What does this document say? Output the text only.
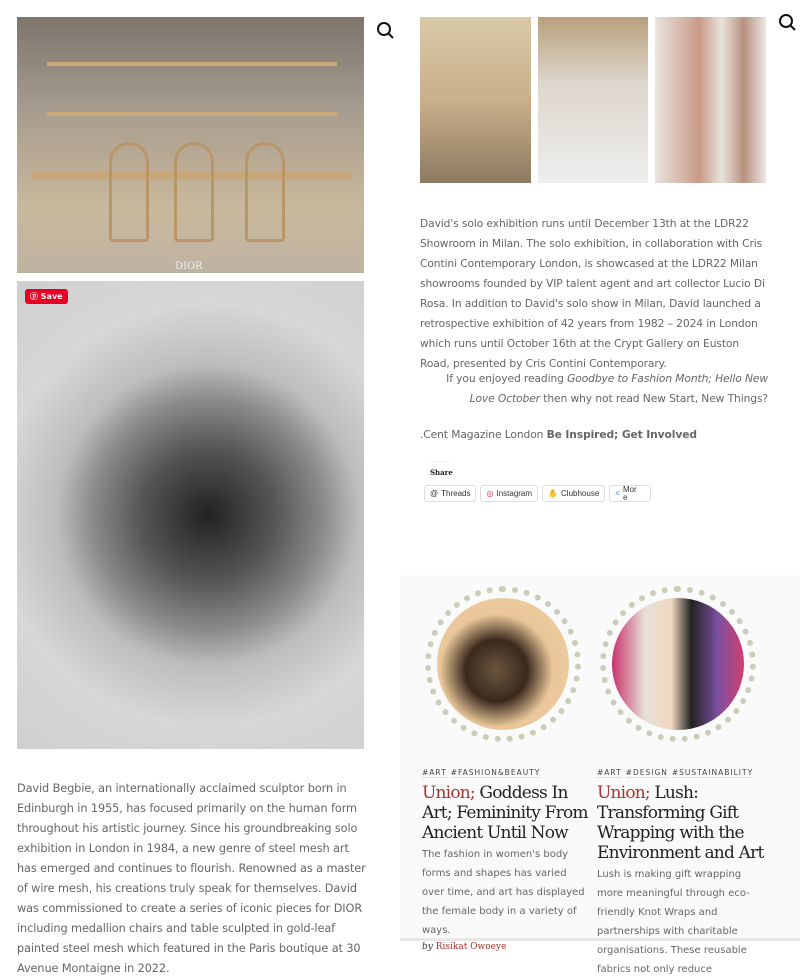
DIOR
ⓟ Save

David Begbie, an internationally acclaimed sculptor born in Edinburgh in 1955, has focused primarily on the human form throughout his artistic journey. Since his groundbreaking solo exhibition in London in 1984, a new genre of steel mesh art has emerged and continues to flourish. Renowned as a master of wire mesh, his creations truly speak for themselves. David was commissioned to create a series of iconic pieces for DIOR including medallion chairs and table sculpted in gold-leaf painted steel mesh which featured in the Paris boutique at 30 Avenue Montaigne in 2022.

David's solo exhibition runs until December 13th at the LDR22 Showroom in Milan. The solo exhibition, in collaboration with Cris Contini Contemporary London, is showcased at the LDR22 Milan showrooms founded by VIP talent agent and art collector Lucio Di Rosa. In addition to David's solo show in Milan, David launched a retrospective exhibition of 42 years from 1982 – 2024 in London which runs until October 16th at the Crypt Gallery on Euston Road, presented by Cris Contini Contemporary.

If you enjoyed reading Goodbye to Fashion Month; Hello New Love October then why not read New Start, New Things?

.Cent Magazine London Be Inspired; Get Involved

Share
@ Threads ◎ Instagram ✋ Clubhouse < More
#ART #FASHION&BEAUTY
Union; Goddess In Art; Femininity From Ancient Until Now
The fashion in women's body forms and shapes has varied over time, and art has displayed the female body in a variety of ways.
by Risikat Owoeye
#ART #DESIGN #SUSTAINABILITY
Union; Lush: Transforming Gift Wrapping with the Environment and Art
Lush is making gift wrapping more meaningful through eco-friendly Knot Wraps and partnerships with charitable organisations. These reusable fabrics not only reduce
